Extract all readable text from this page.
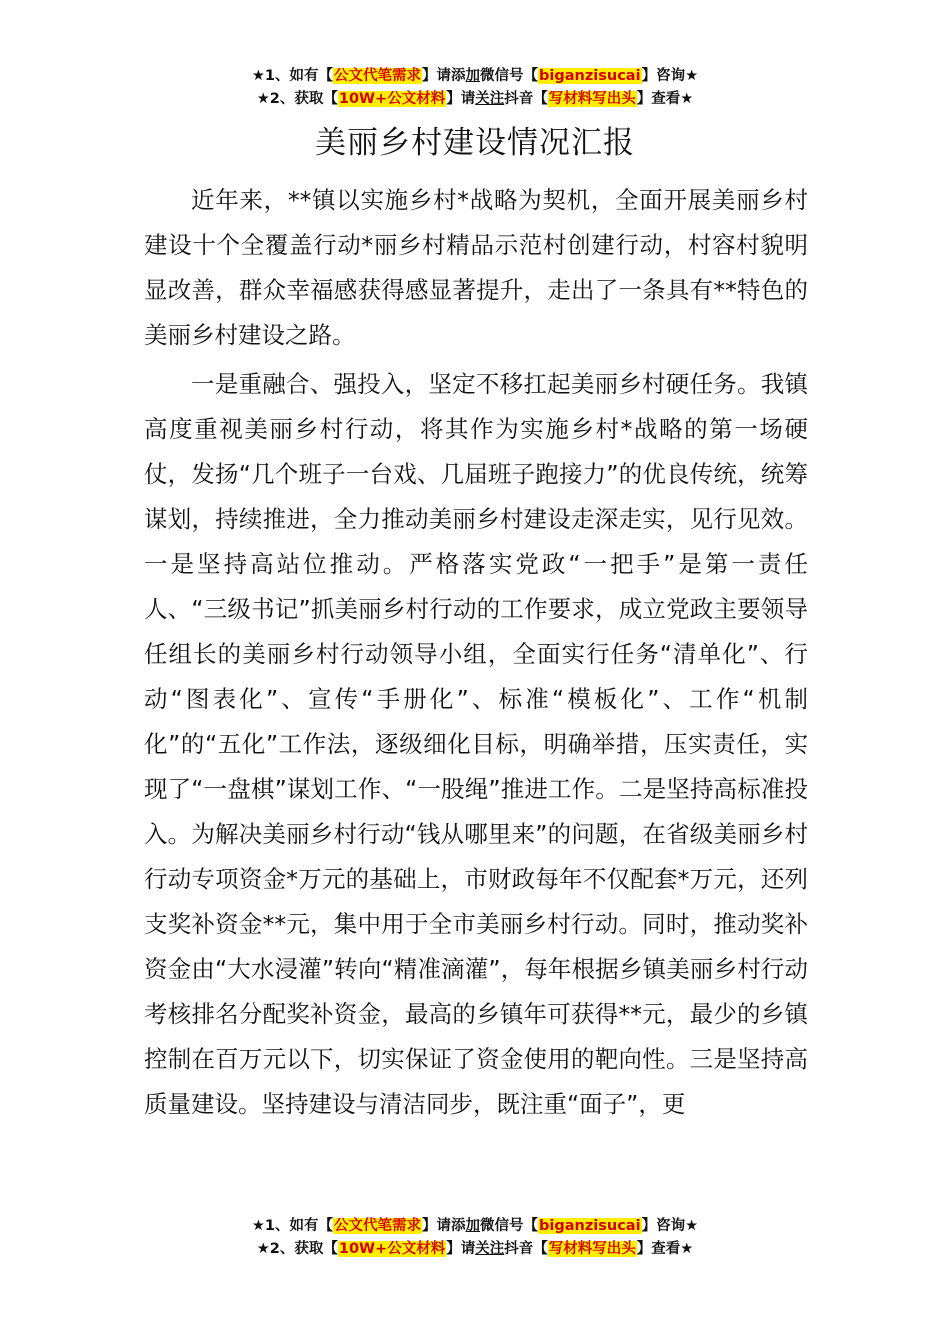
★1、如有【公文代笔需求】请添加微信号【biganzisucai】咨询★
★2、获取【10W+公文材料】请关注抖音【写材料写出头】查看★
美丽乡村建设情况汇报

近年来，**镇以实施乡村*战略为契机，全面开展美丽乡村建设十个全覆盖行动*丽乡村精品示范村创建行动，村容村貌明显改善，群众幸福感获得感显著提升，走出了一条具有**特色的美丽乡村建设之路。

一是重融合、强投入，坚定不移扛起美丽乡村硬任务。我镇高度重视美丽乡村行动，将其作为实施乡村*战略的第一场硬仗，发扬“几个班子一台戏、几届班子跑接力”的优良传统，统筹谋划，持续推进，全力推动美丽乡村建设走深走实，见行见效。一是坚持高站位推动。严格落实党政“一把手”是第一责任人、“三级书记”抓美丽乡村行动的工作要求，成立党政主要领导任组长的美丽乡村行动领导小组，全面实行任务“清单化”、行动“图表化”、宣传“手册化”、标准“模板化”、工作“机制化”的“五化”工作法，逐级细化目标，明确举措，压实责任，实现了“一盘棋”谋划工作、“一股绳”推进工作。二是坚持高标准投入。为解决美丽乡村行动“钱从哪里来”的问题，在省级美丽乡村行动专项资金*万元的基础上，市财政每年不仅配套*万元，还列支奖补资金**元，集中用于全市美丽乡村行动。同时，推动奖补资金由“大水浸灌”转向“精准滴灌”，每年根据乡镇美丽乡村行动考核排名分配奖补资金，最高的乡镇年可获得**元，最少的乡镇控制在百万元以下，切实保证了资金使用的靶向性。三是坚持高质量建设。坚持建设与清洁同步，既注重“面子”，更

★1、如有【公文代笔需求】请添加微信号【biganzisucai】咨询★
★2、获取【10W+公文材料】请关注抖音【写材料写出头】查看★
